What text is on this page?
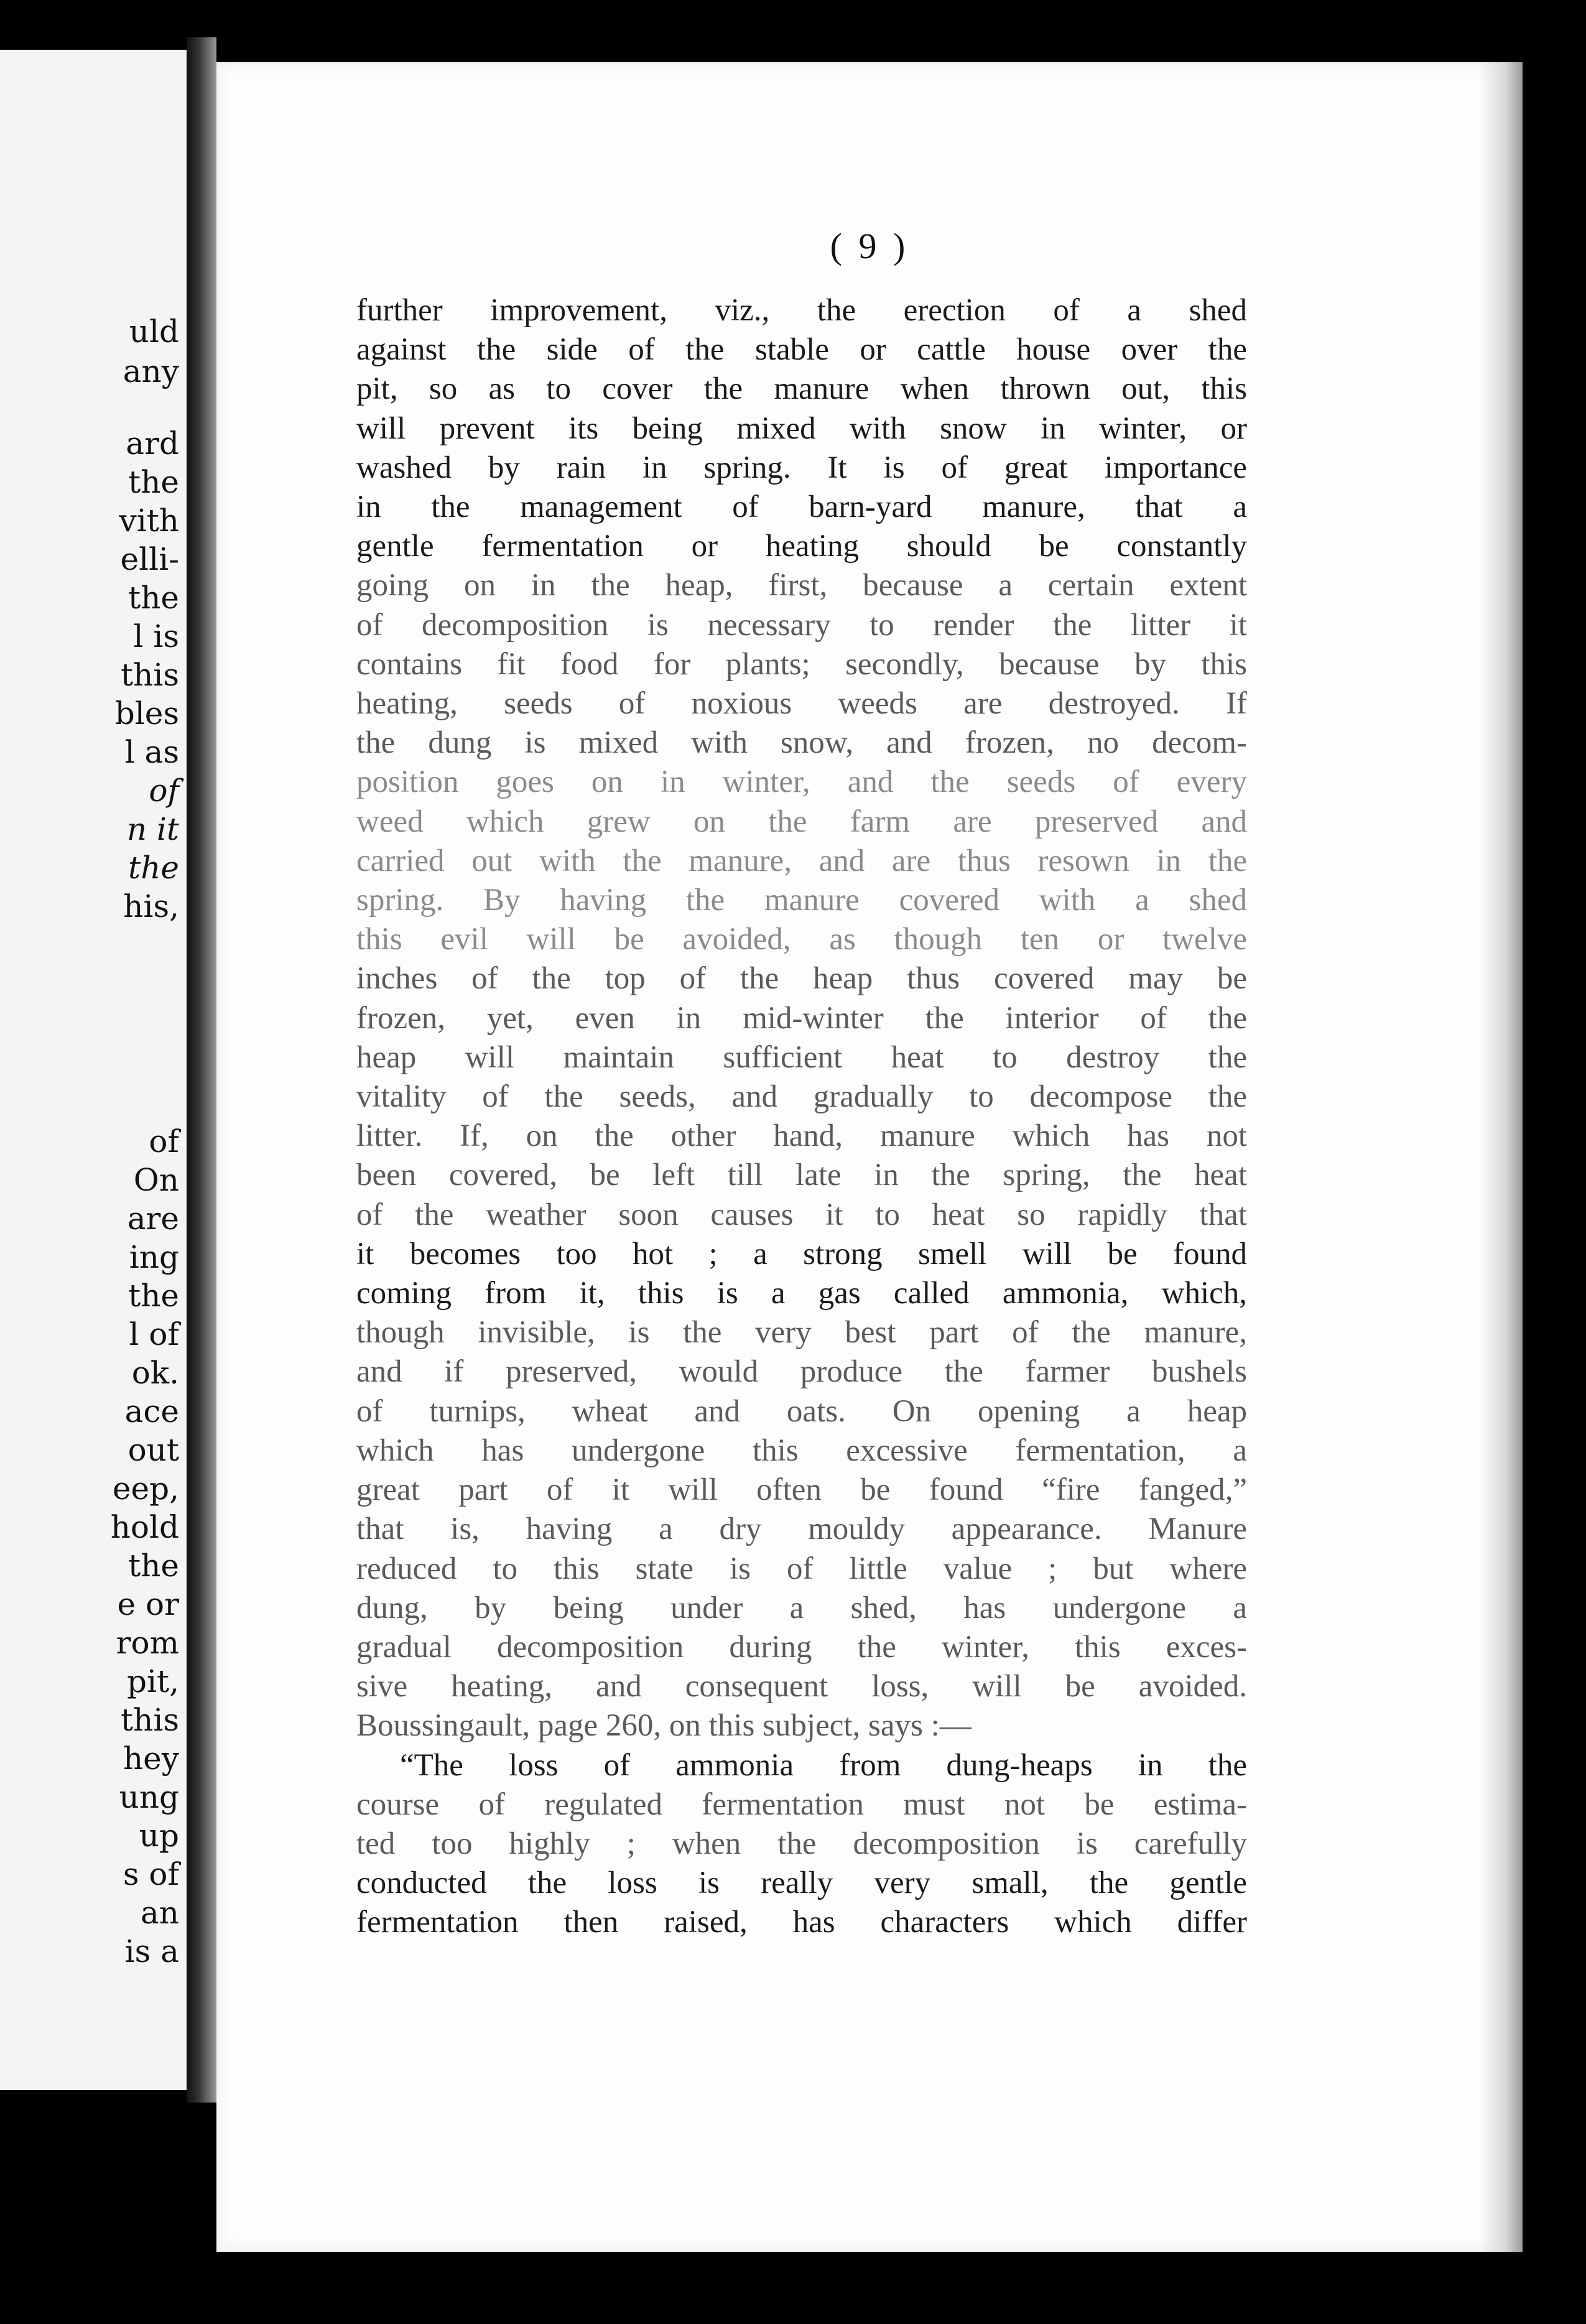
uld
any
ard
the
vith
elli-
the
l is
this
bles
l as
of
n it
the
his,
of
On
are
ing
the
l of
ok.
ace
out
eep,
hold
the
e or
rom
pit,
this
hey
ung
up
s of
an
is a
( 9 )
further improvement, viz., the erection of a shed
against the side of the stable or cattle house over the
pit, so as to cover the manure when thrown out, this
will prevent its being mixed with snow in winter, or
washed by rain in spring. It is of great importance
in the management of barn-yard manure, that a
gentle fermentation or heating should be constantly
going on in the heap, first, because a certain extent
of decomposition is necessary to render the litter it
contains fit food for plants; secondly, because by this
heating, seeds of noxious weeds are destroyed. If
the dung is mixed with snow, and frozen, no decom-
position goes on in winter, and the seeds of every
weed which grew on the farm are preserved and
carried out with the manure, and are thus resown in the
spring. By having the manure covered with a shed
this evil will be avoided, as though ten or twelve
inches of the top of the heap thus covered may be
frozen, yet, even in mid-winter the interior of the
heap will maintain sufficient heat to destroy the
vitality of the seeds, and gradually to decompose the
litter. If, on the other hand, manure which has not
been covered, be left till late in the spring, the heat
of the weather soon causes it to heat so rapidly that
it becomes too hot ; a strong smell will be found
coming from it, this is a gas called ammonia, which,
though invisible, is the very best part of the manure,
and if preserved, would produce the farmer bushels
of turnips, wheat and oats. On opening a heap
which has undergone this excessive fermentation, a
great part of it will often be found “fire fanged,”
that is, having a dry mouldy appearance. Manure
reduced to this state is of little value ; but where
dung, by being under a shed, has undergone a
gradual decomposition during the winter, this exces-
sive heating, and consequent loss, will be avoided.
Boussingault, page 260, on this subject, says :—
“The loss of ammonia from dung-heaps in the
course of regulated fermentation must not be estima-
ted too highly ; when the decomposition is carefully
conducted the loss is really very small, the gentle
fermentation then raised, has characters which differ
